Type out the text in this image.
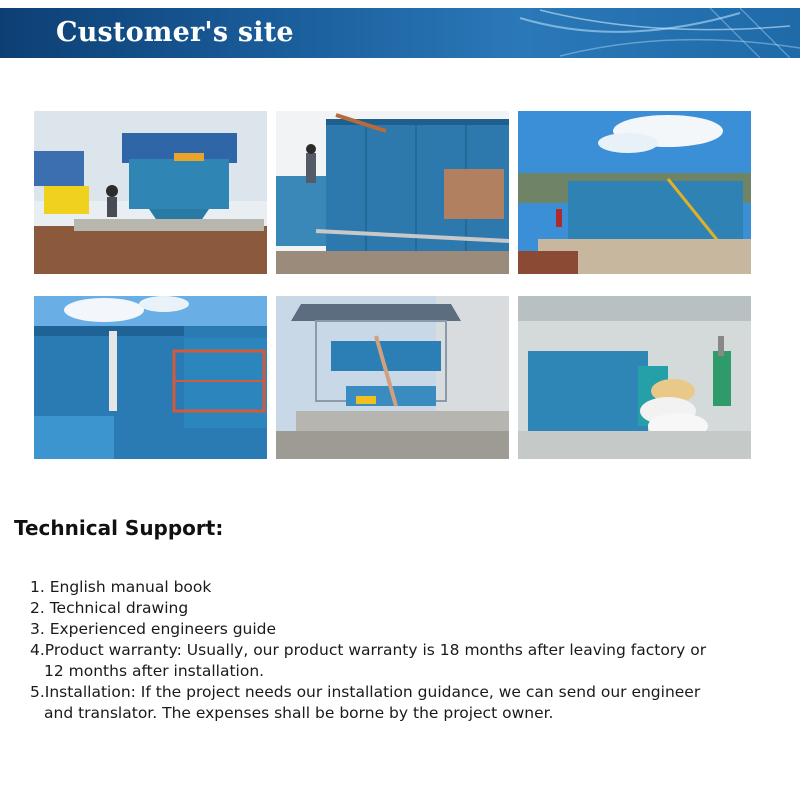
Customer's site
Technical Support:
1. English manual book
2. Technical drawing
3. Experienced engineers guide
4.Product warranty: Usually, our product warranty is 18 months after leaving factory or
12 months after installation.
5.Installation: If the project needs our installation guidance, we can send our engineer
and translator. The expenses shall be borne by the project owner.
